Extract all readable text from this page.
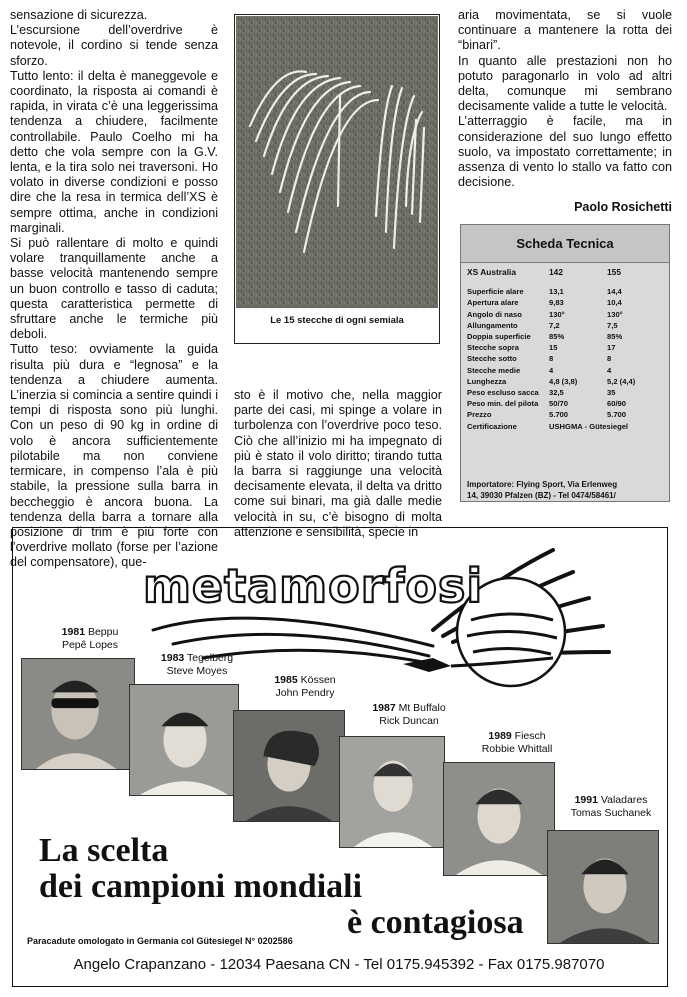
sensazione di sicurezza.

L’escursione dell’overdrive è notevole, il cordino si tende senza sforzo.

Tutto lento: il delta è maneggevole e coordinato, la risposta ai comandi è rapida, in virata c’è una leggerissima tendenza a chiudere, facilmente controllabile. Paulo Coelho mi ha detto che vola sempre con la G.V. lenta, e la tira solo nei traversoni. Ho volato in diverse condizioni e posso dire che la resa in termica dell’XS è sempre ottima, anche in condizioni marginali.

Si può rallentare di molto e quindi volare tranquillamente anche a basse velocità mantenendo sempre un buon controllo e tasso di caduta; questa caratteristica permette di sfruttare anche le termiche più deboli.

Tutto teso: ovviamente la guida risulta più dura e “legnosa” e la tendenza a chiudere aumenta. L’inerzia si comincia a sentire quindi i tempi di risposta sono più lunghi. Con un peso di 90 kg in ordine di volo è ancora sufficientemente pilotabile ma non conviene termicare, in compenso l’ala è più stabile, la pressione sulla barra in beccheggio è ancora buona. La tendenza della barra a tornare alla posizione di trim è più forte con l’overdrive mollato (forse per l’azione del compensatore), que-

Le 15 stecche di ogni semiala

sto è il motivo che, nella maggior parte dei casi, mi spinge a volare in turbolenza con l’overdrive poco teso. Ciò che all’inizio mi ha impegnato di più è stato il volo diritto; tirando tutta la barra si raggiunge una velocità decisamente elevata, il delta va dritto come sui binari, ma già dalle medie velocità in su, c’è bisogno di molta attenzione e sensibilità, specie in

aria movimentata, se si vuole continuare a mantenere la rotta dei “binari”.

In quanto alle prestazioni non ho potuto paragonarlo in volo ad altri delta, comunque mi sembrano decisamente valide a tutte le velocità.

L’atterraggio è facile, ma in considerazione del suo lungo effetto suolo, va impostato correttamente; in assenza di vento lo stallo va fatto con decisione.

Paolo Rosichetti
Scheda Tecnica
XS Australia	142	155

Superficie alare	13,1	14,4
Apertura alare	9,83	10,4
Angolo di naso	130°	130°
Allungamento	7,2	7,5
Doppia superficie	85%	85%
Stecche sopra	15	17
Stecche sotto	8	8
Stecche medie	4	4
Lunghezza	4,8 (3,8)	5,2 (4,4)
Peso escluso sacca	32,5	35
Peso min. del pilota	50/70	60/90
Prezzo	5.700	5.700
Certificazione	USHGMA - Gütesiegel	
Importatore: Flying Sport, Via Erlenweg
14, 39030 Pfalzen (BZ) - Tel 0474/58461/
metamorfosi
1981 Beppu
Pepê Lopes
1983 Tegelberg
Steve Moyes
1985 Kössen
John Pendry
1987 Mt Buffalo
Rick Duncan
1989 Fiesch
Robbie Whittall
1991 Valadares
Tomas Suchanek
La scelta
dei campioni mondiali
è contagiosa
Paracadute omologato in Germania col Gütesiegel N° 0202586
Angelo Crapanzano - 12034 Paesana CN - Tel 0175.945392 - Fax 0175.987070
